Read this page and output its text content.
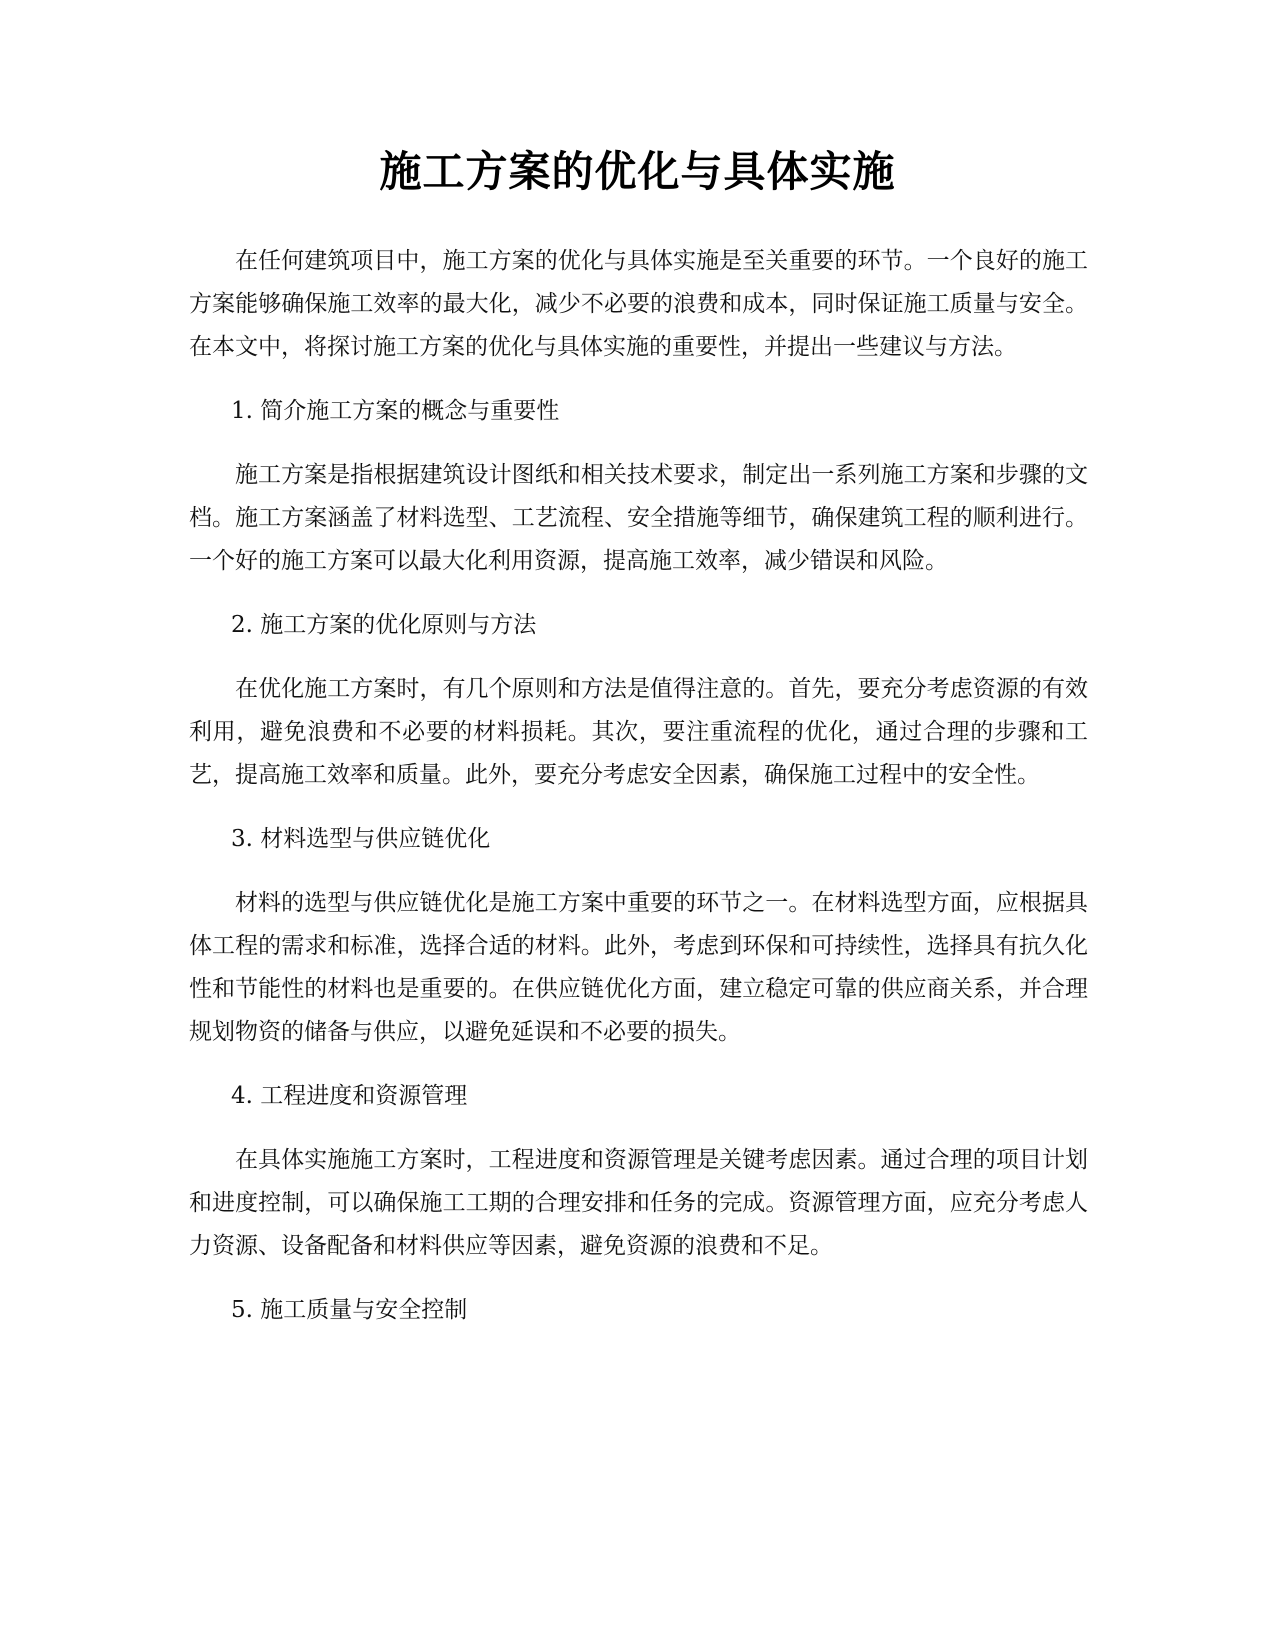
施工方案的优化与具体实施

在任何建筑项目中，施工方案的优化与具体实施是至关重要的环节。一个良好的施工方案能够确保施工效率的最大化，减少不必要的浪费和成本，同时保证施工质量与安全。在本文中，将探讨施工方案的优化与具体实施的重要性，并提出一些建议与方法。

1. 简介施工方案的概念与重要性

施工方案是指根据建筑设计图纸和相关技术要求，制定出一系列施工方案和步骤的文档。施工方案涵盖了材料选型、工艺流程、安全措施等细节，确保建筑工程的顺利进行。一个好的施工方案可以最大化利用资源，提高施工效率，减少错误和风险。

2. 施工方案的优化原则与方法

在优化施工方案时，有几个原则和方法是值得注意的。首先，要充分考虑资源的有效利用，避免浪费和不必要的材料损耗。其次，要注重流程的优化，通过合理的步骤和工艺，提高施工效率和质量。此外，要充分考虑安全因素，确保施工过程中的安全性。

3. 材料选型与供应链优化

材料的选型与供应链优化是施工方案中重要的环节之一。在材料选型方面，应根据具体工程的需求和标准，选择合适的材料。此外，考虑到环保和可持续性，选择具有抗久化性和节能性的材料也是重要的。在供应链优化方面，建立稳定可靠的供应商关系，并合理规划物资的储备与供应，以避免延误和不必要的损失。

4. 工程进度和资源管理

在具体实施施工方案时，工程进度和资源管理是关键考虑因素。通过合理的项目计划和进度控制，可以确保施工工期的合理安排和任务的完成。资源管理方面，应充分考虑人力资源、设备配备和材料供应等因素，避免资源的浪费和不足。

5. 施工质量与安全控制
